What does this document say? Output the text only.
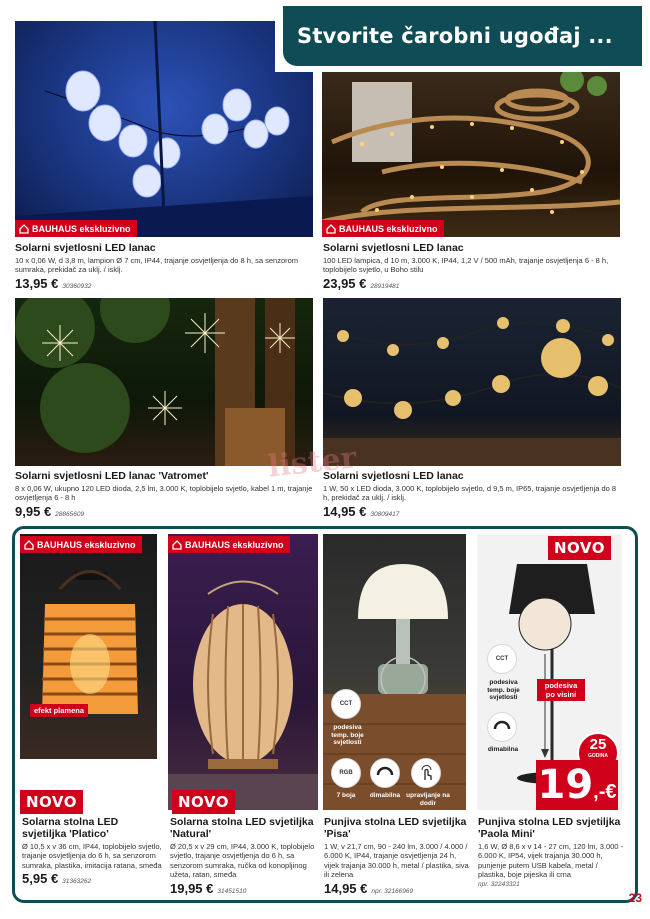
Stvorite čarobni ugođaj ...
BAUHAUS ekskluzivno	BAUHAUS ekskluzivno
Solarni svjetlosni LED lanac
10 x 0,06 W, d 3,8 m, lampion Ø 7 cm, IP44, trajanje osvjetljenja do 8 h, sa senzorom sumraka, prekidač za uklj. / isklj.
13,95 € 30360932
Solarni svjetlosni LED lanac
100 LED lampica, d 10 m, 3.000 K, IP44, 1,2 V / 500 mAh, trajanje osvjetljenja 6 - 8 h, toplobijelo svjetlo, u Boho stilu
23,95 € 28919481
lister
Solarni svjetlosni LED lanac 'Vatromet'
8 x 0,06 W, ukupno 120 LED dioda, 2,5 lm, 3.000 K, toplobijelo svjetlo, kabel 1 m, trajanje osvjetljenja 6 - 8 h
9,95 € 28865609
Solarni svjetlosni LED lanac
1 W, 50 x LED dioda, 3.000 K, toplobijelo svjetlo, d 9,5 m, IP65, trajanje osvjetljenja do 8 h, prekidač za uklj. / isklj.
14,95 € 30809417
BAUHAUS ekskluzivno
efekt plamena
NOVO
BAUHAUS ekskluzivno
NOVO
CCT
podesiva temp. boje svjetlosti
RGB
7 boja	dimabilna upravljanje na dodir
CCT
podesiva temp. boje svjetlosti
dimabilna
podesiva po visini
NOVO
25
GODINA
19 ,-€
Solarna stolna LED svjetiljka 'Platico'
Ø 10,5 x v 36 cm, IP44, toplobijelo svjetlo, trajanje osvjetljenja do 6 h, sa senzorom sumraka, plastika, imitacija ratana, smeđa
5,95 € 31363262
Solarna stolna LED svjetiljka 'Natural'
Ø 20,5 x v 29 cm, IP44, 3.000 K, toplobijelo svjetlo, trajanje osvjetljenja do 6 h, sa senzorom sumraka, ručka od konopljinog užeta, ratan, smeđa
19,95 € 31451510
Punjiva stolna LED svjetiljka 'Pisa'
1 W, v 21,7 cm, 90 - 240 lm, 3.000 / 4.000 / 6.000 K, IP44, trajanje osvjetljenja 24 h, vijek trajanja 30.000 h, metal / plastika, siva ili zelena
14,95 € npr. 32166969
Punjiva stolna LED svjetiljka 'Paola Mini'
1,6 W, Ø 8,6 x v 14 - 27 cm, 120 lm, 3.000 - 6.000 K, IP54, vijek trajanja 30.000 h, punjenje putem USB kabela, metal / plastika, boje pijeska ili crna
npr. 32243321
23
